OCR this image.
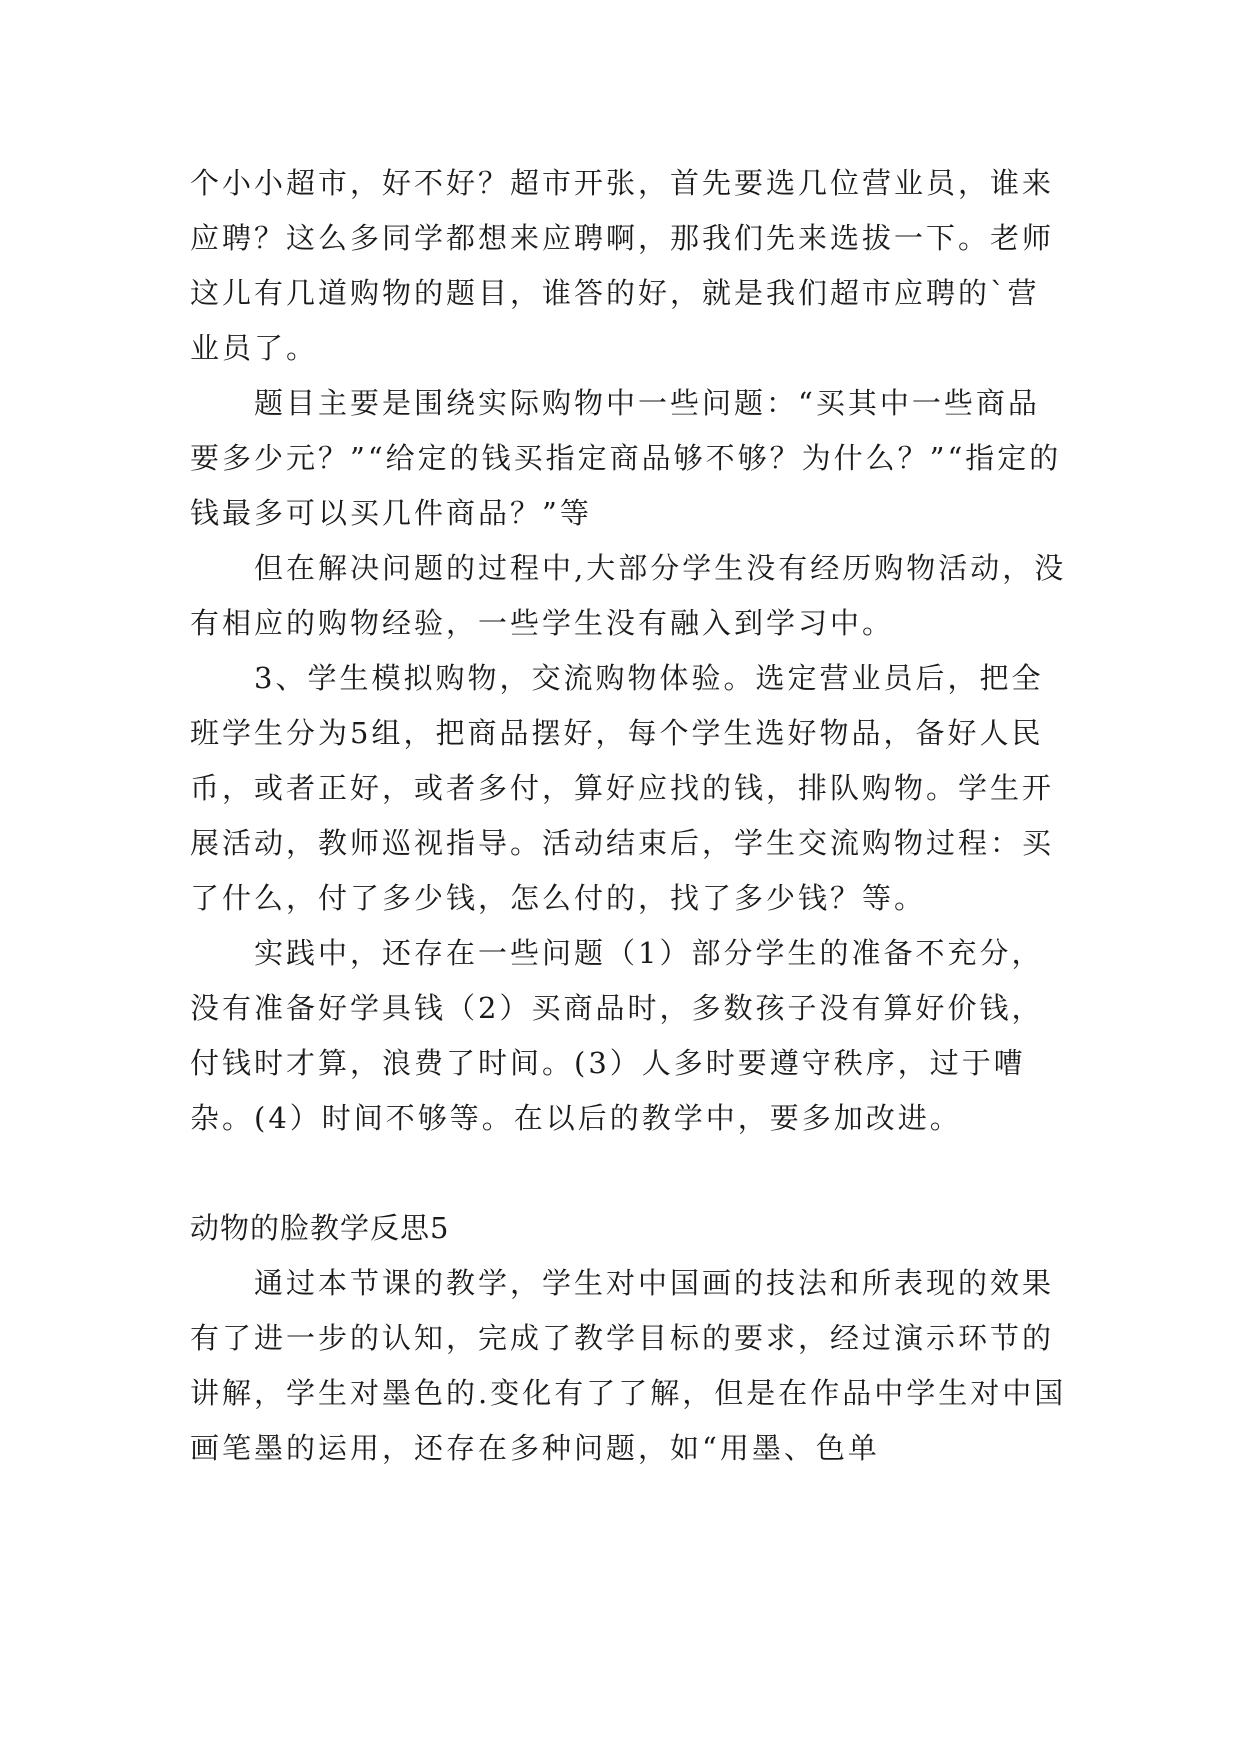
个小小超市，好不好？超市开张，首先要选几位营业员，谁来应聘？这么多同学都想来应聘啊，那我们先来选拔一下。老师这儿有几道购物的题目，谁答的好，就是我们超市应聘的`营业员了。

题目主要是围绕实际购物中一些问题：“买其中一些商品要多少元？”“给定的钱买指定商品够不够？为什么？”“指定的钱最多可以买几件商品？”等

但在解决问题的过程中,大部分学生没有经历购物活动，没有相应的购物经验，一些学生没有融入到学习中。

3、学生模拟购物，交流购物体验。选定营业员后，把全班学生分为5组，把商品摆好，每个学生选好物品，备好人民币，或者正好，或者多付，算好应找的钱，排队购物。学生开展活动，教师巡视指导。活动结束后，学生交流购物过程：买了什么，付了多少钱，怎么付的，找了多少钱？等。

实践中，还存在一些问题（1）部分学生的准备不充分，没有准备好学具钱（2）买商品时，多数孩子没有算好价钱，付钱时才算，浪费了时间。(3）人多时要遵守秩序，过于嘈杂。(4）时间不够等。在以后的教学中，要多加改进。

动物的脸教学反思5

通过本节课的教学，学生对中国画的技法和所表现的效果有了进一步的认知，完成了教学目标的要求，经过演示环节的讲解，学生对墨色的.变化有了了解，但是在作品中学生对中国画笔墨的运用，还存在多种问题，如“用墨、色单
